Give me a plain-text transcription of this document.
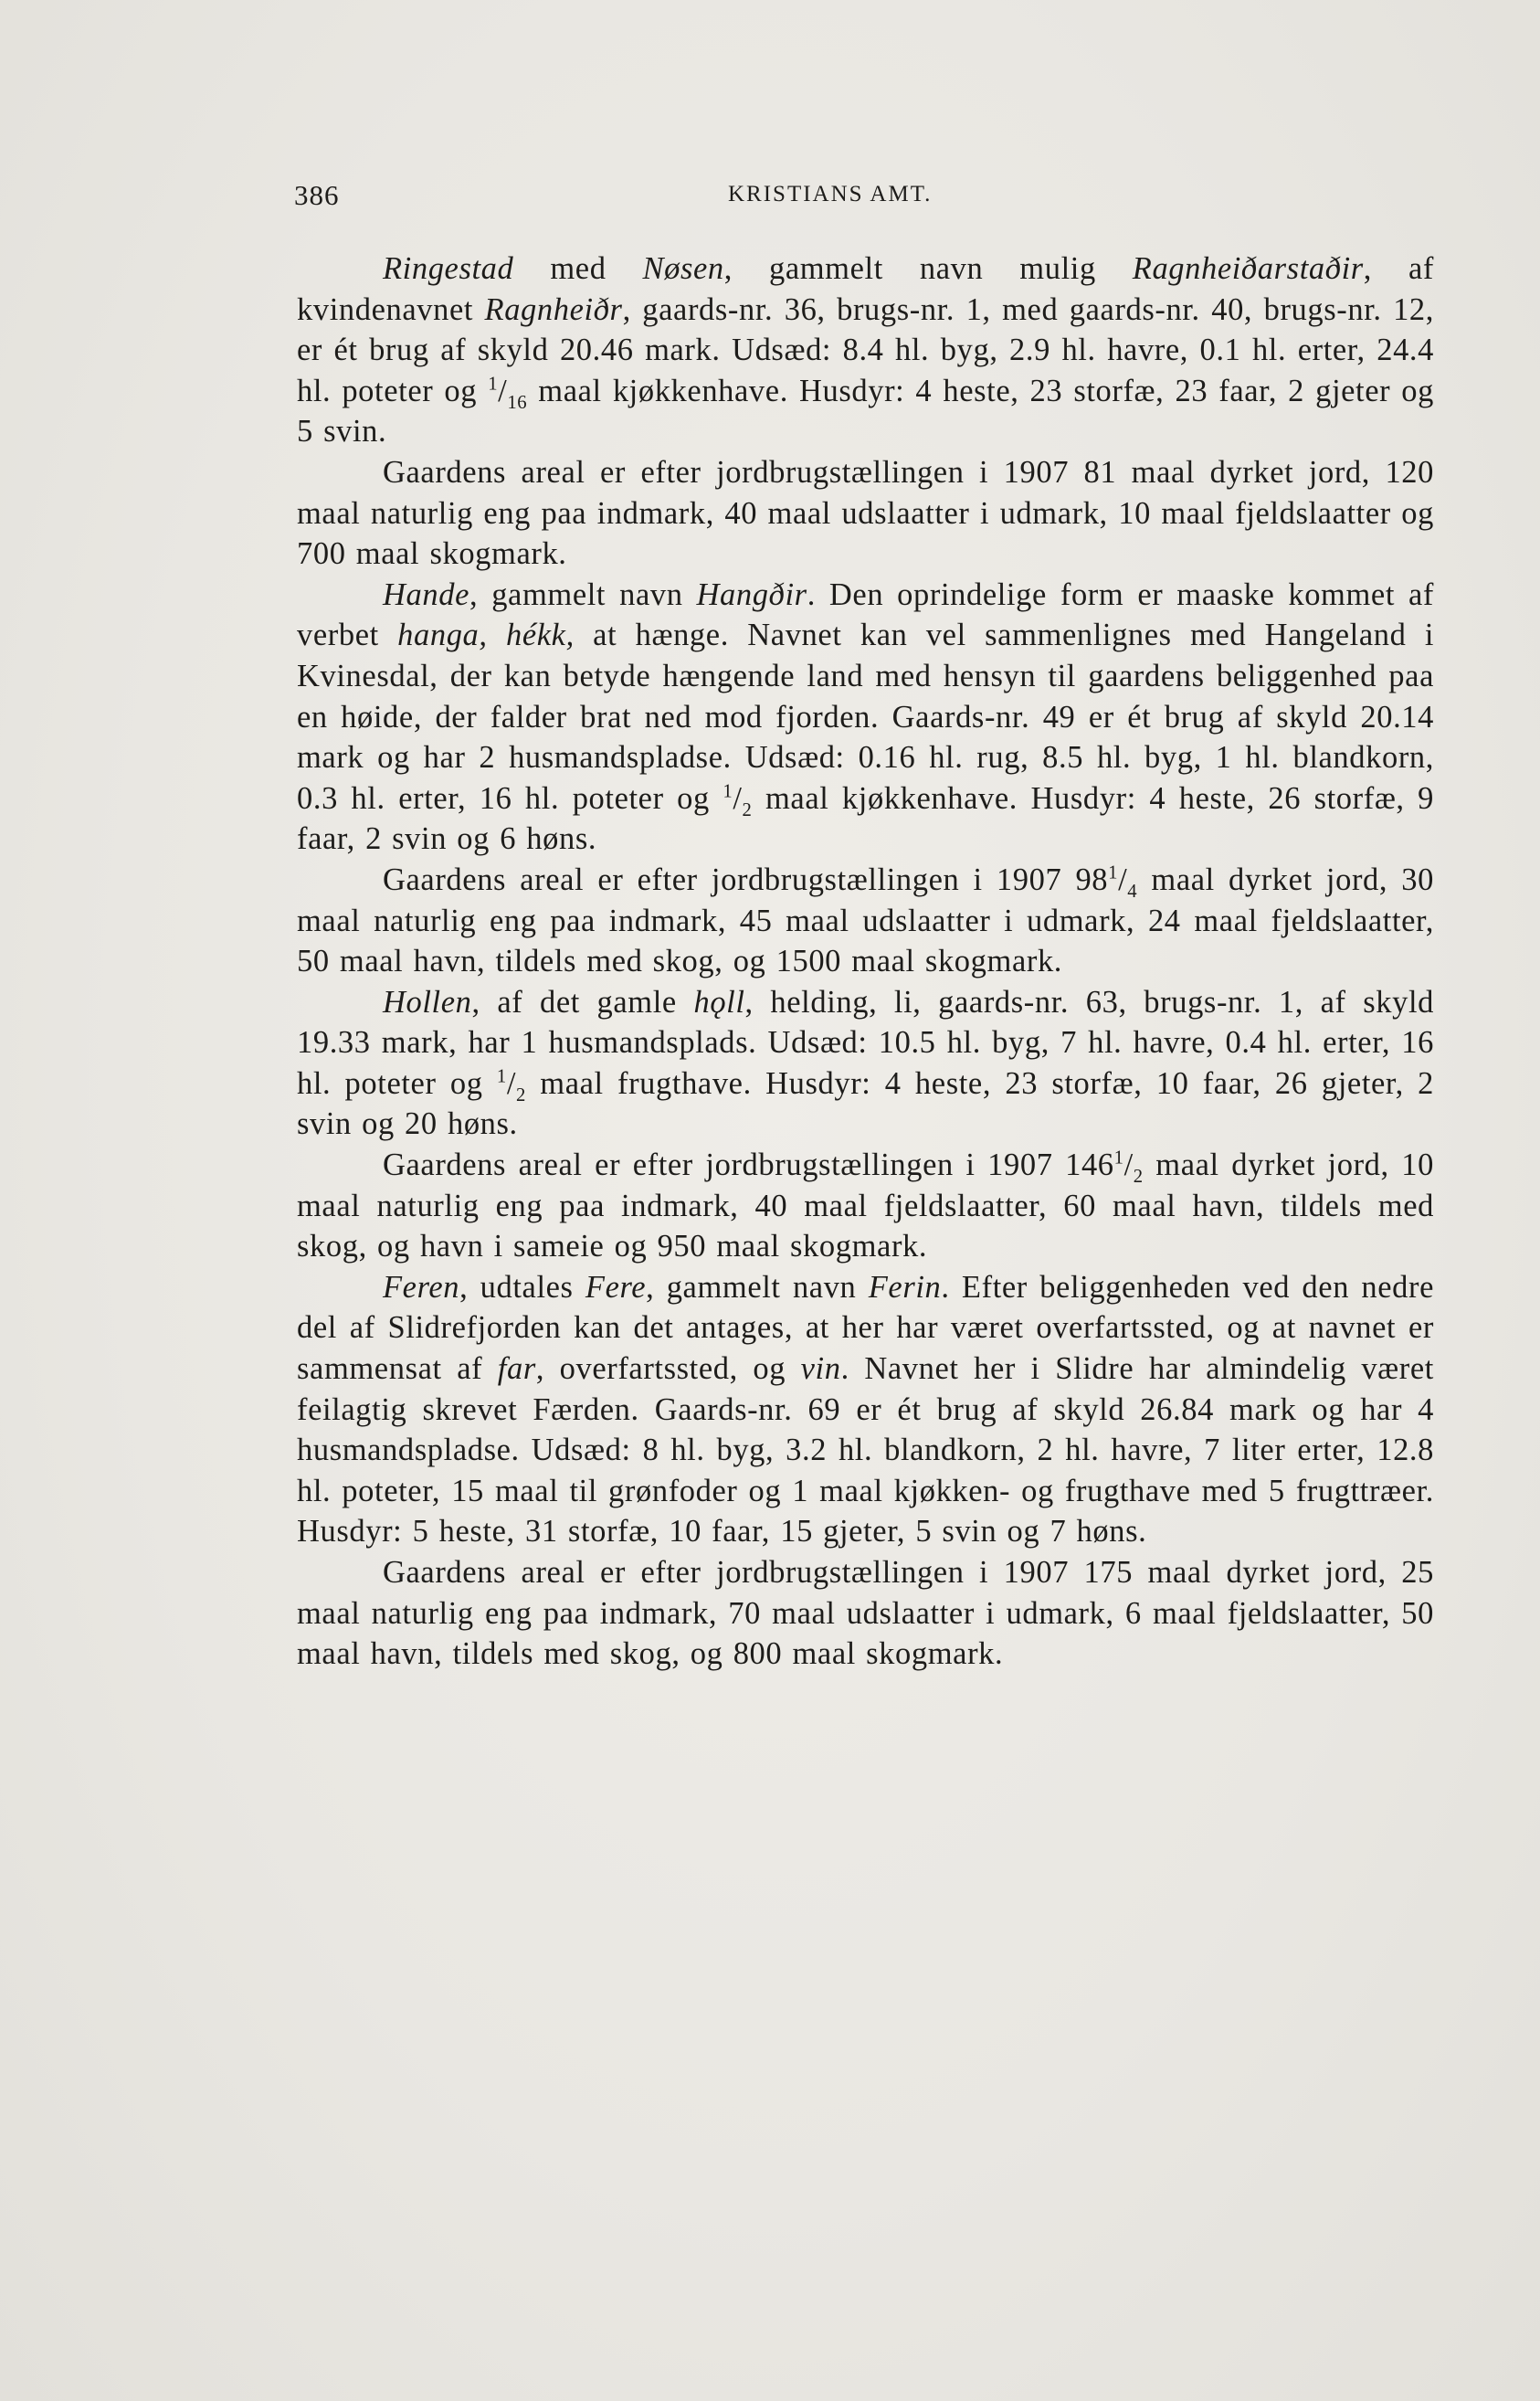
386	KRISTIANS AMT.

Ringestad med Nøsen, gammelt navn mulig Ragnheiðarstaðir, af kvindenavnet Ragnheiðr, gaards-nr. 36, brugs-nr. 1, med gaards-nr. 40, brugs-nr. 12, er ét brug af skyld 20.46 mark. Udsæd: 8.4 hl. byg, 2.9 hl. havre, 0.1 hl. erter, 24.4 hl. poteter og $^1/_{16}$ maal kjøkkenhave. Husdyr: 4 heste, 23 storfæ, 23 faar, 2 gjeter og 5 svin.

Gaardens areal er efter jordbrugstællingen i 1907 81 maal dyrket jord, 120 maal naturlig eng paa indmark, 40 maal udslaatter i udmark, 10 maal fjeldslaatter og 700 maal skogmark.

Hande, gammelt navn Hangðir. Den oprindelige form er maaske kommet af verbet hanga, hékk, at hænge. Navnet kan vel sammenlignes med Hangeland i Kvinesdal, der kan betyde hængende land med hensyn til gaardens beliggenhed paa en høide, der falder brat ned mod fjorden. Gaards-nr. 49 er ét brug af skyld 20.14 mark og har 2 husmandspladse. Udsæd: 0.16 hl. rug, 8.5 hl. byg, 1 hl. blandkorn, 0.3 hl. erter, 16 hl. poteter og $^1/_2$ maal kjøkkenhave. Husdyr: 4 heste, 26 storfæ, 9 faar, 2 svin og 6 høns.

Gaardens areal er efter jordbrugstællingen i 1907 $98^1/_4$ maal dyrket jord, 30 maal naturlig eng paa indmark, 45 maal udslaatter i udmark, 24 maal fjeldslaatter, 50 maal havn, tildels med skog, og 1500 maal skogmark.

Hollen, af det gamle hǫll, helding, li, gaards-nr. 63, brugs-nr. 1, af skyld 19.33 mark, har 1 husmandsplads. Udsæd: 10.5 hl. byg, 7 hl. havre, 0.4 hl. erter, 16 hl. poteter og $^1/_2$ maal frugthave. Husdyr: 4 heste, 23 storfæ, 10 faar, 26 gjeter, 2 svin og 20 høns.

Gaardens areal er efter jordbrugstællingen i 1907 $146^1/_2$ maal dyrket jord, 10 maal naturlig eng paa indmark, 40 maal fjeldslaatter, 60 maal havn, tildels med skog, og havn i sameie og 950 maal skogmark.

Feren, udtales Fere, gammelt navn Ferin. Efter beliggenheden ved den nedre del af Slidrefjorden kan det antages, at her har været overfartssted, og at navnet er sammensat af far, overfartssted, og vin. Navnet her i Slidre har almindelig været feilagtig skrevet Færden. Gaards-nr. 69 er ét brug af skyld 26.84 mark og har 4 husmandspladse. Udsæd: 8 hl. byg, 3.2 hl. blandkorn, 2 hl. havre, 7 liter erter, 12.8 hl. poteter, 15 maal til grønfoder og 1 maal kjøkken- og frugthave med 5 frugttræer. Husdyr: 5 heste, 31 storfæ, 10 faar, 15 gjeter, 5 svin og 7 høns.

Gaardens areal er efter jordbrugstællingen i 1907 175 maal dyrket jord, 25 maal naturlig eng paa indmark, 70 maal udslaatter i udmark, 6 maal fjeldslaatter, 50 maal havn, tildels med skog, og 800 maal skogmark.
